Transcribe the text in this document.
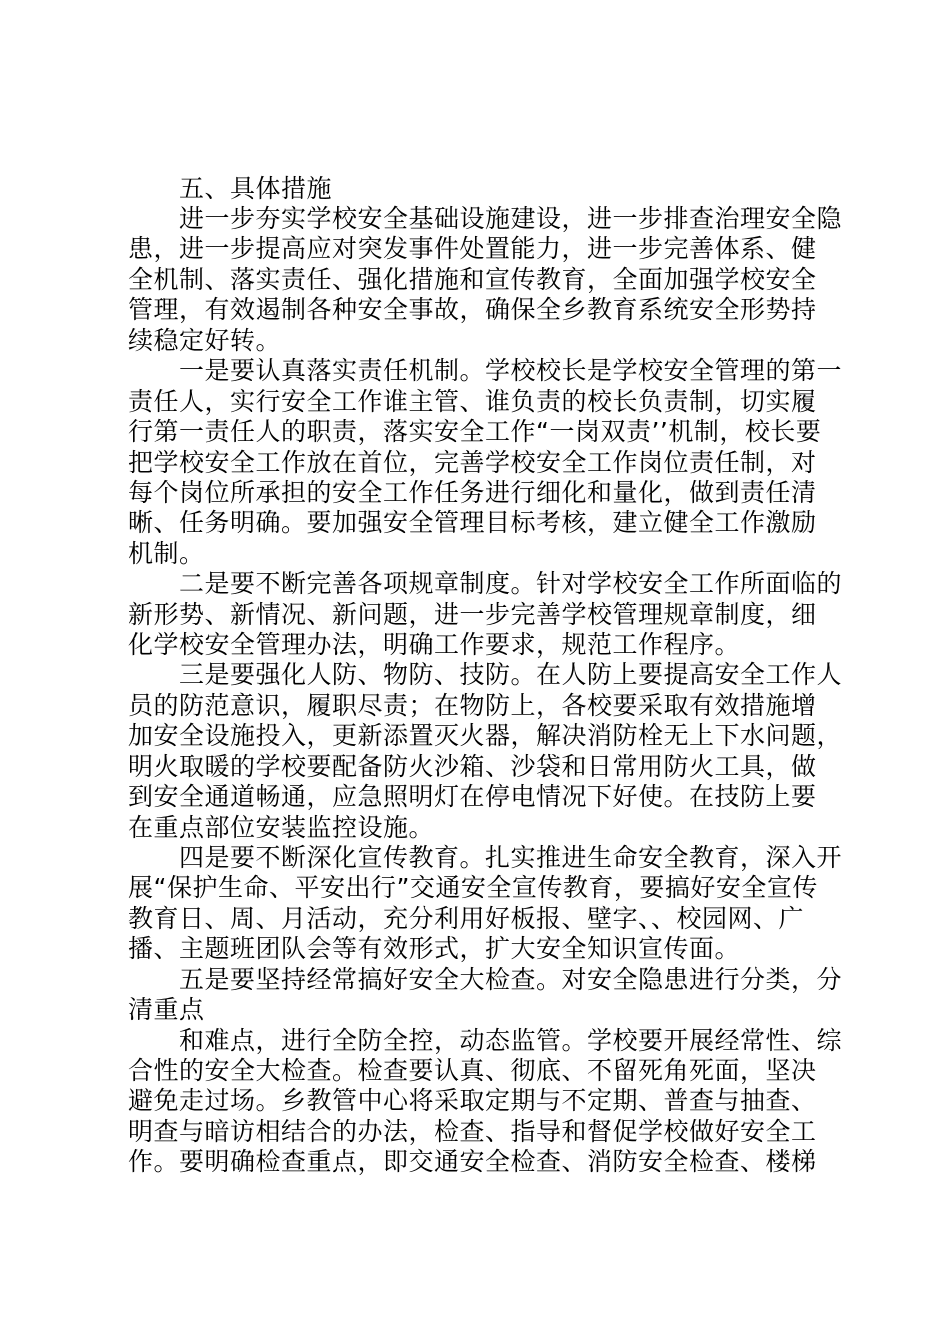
　　五、具体措施
　　进一步夯实学校安全基础设施建设，进一步排查治理安全隐
患，进一步提高应对突发事件处置能力，进一步完善体系、健
全机制、落实责任、强化措施和宣传教育，全面加强学校安全
管理，有效遏制各种安全事故，确保全乡教育系统安全形势持
续稳定好转。
　　一是要认真落实责任机制。学校校长是学校安全管理的第一
责任人，实行安全工作谁主管、谁负责的校长负责制，切实履
行第一责任人的职责，落实安全工作“一岗双责’’机制，校长要
把学校安全工作放在首位，完善学校安全工作岗位责任制，对
每个岗位所承担的安全工作任务进行细化和量化，做到责任清
晰、任务明确。要加强安全管理目标考核，建立健全工作激励
机制。
　　二是要不断完善各项规章制度。针对学校安全工作所面临的
新形势、新情况、新问题，进一步完善学校管理规章制度，细
化学校安全管理办法，明确工作要求，规范工作程序。
　　三是要强化人防、物防、技防。在人防上要提高安全工作人
员的防范意识，履职尽责；在物防上，各校要采取有效措施增
加安全设施投入，更新添置灭火器，解决消防栓无上下水问题，
明火取暖的学校要配备防火沙箱、沙袋和日常用防火工具，做
到安全通道畅通，应急照明灯在停电情况下好使。在技防上要
在重点部位安装监控设施。
　　四是要不断深化宣传教育。扎实推进生命安全教育，深入开
展“保护生命、平安出行”交通安全宣传教育，要搞好安全宣传
教育日、周、月活动，充分利用好板报、壁字、、校园网、广
播、主题班团队会等有效形式，扩大安全知识宣传面。
　　五是要坚持经常搞好安全大检查。对安全隐患进行分类，分
清重点
　　和难点，进行全防全控，动态监管。学校要开展经常性、综
合性的安全大检查。检查要认真、彻底、不留死角死面，坚决
避免走过场。乡教管中心将采取定期与不定期、普查与抽查、
明查与暗访相结合的办法，检查、指导和督促学校做好安全工
作。要明确检查重点，即交通安全检查、消防安全检查、楼梯
